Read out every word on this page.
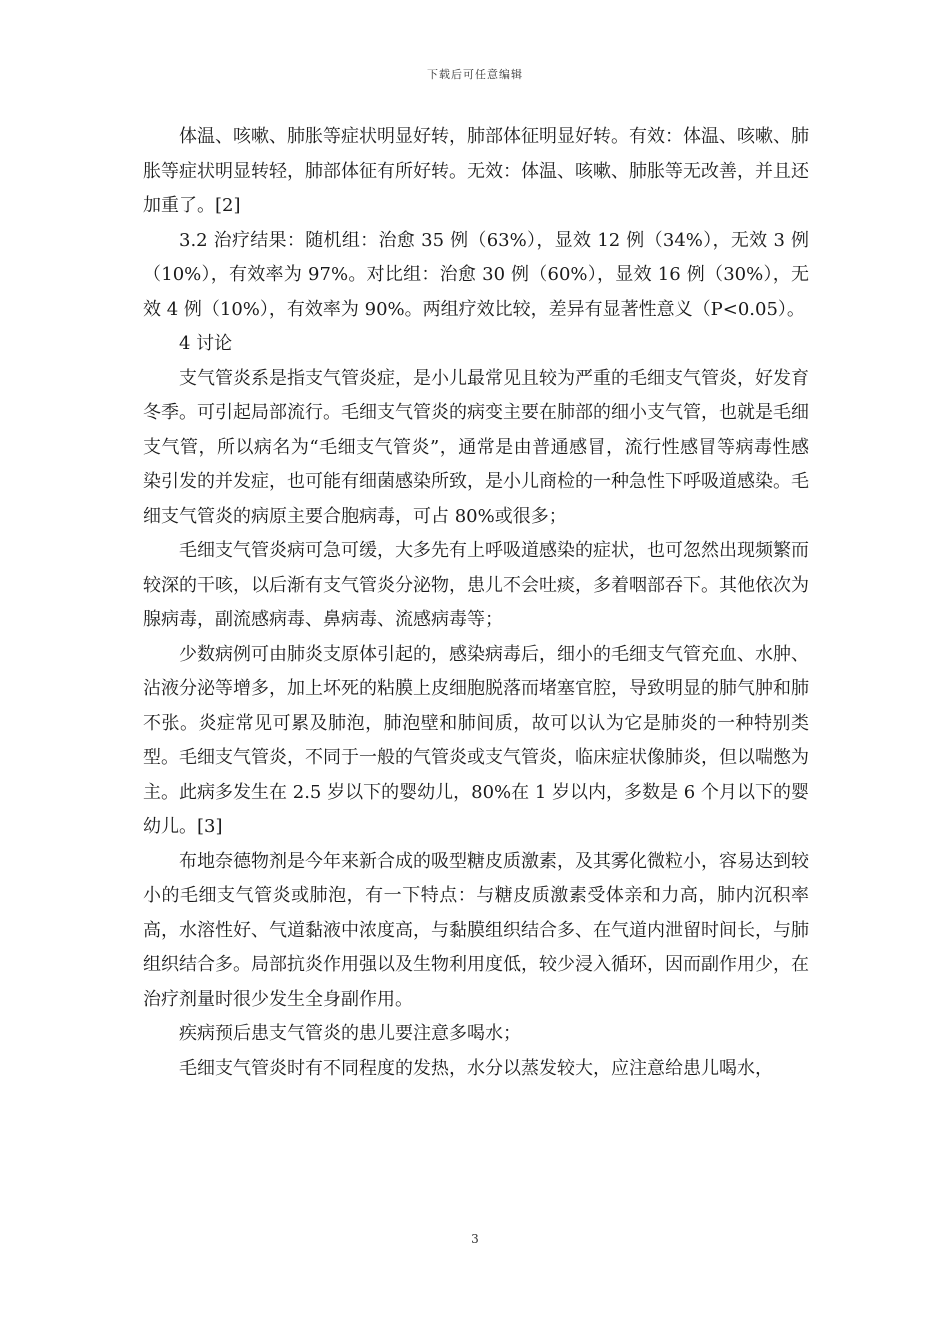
下载后可任意编辑

体温、咳嗽、肺胀等症状明显好转，肺部体征明显好转。有效：体温、咳嗽、肺胀等症状明显转轻，肺部体征有所好转。无效：体温、咳嗽、肺胀等无改善，并且还加重了。[2]

3.2 治疗结果：随机组：治愈 35 例（63%），显效 12 例（34%），无效 3 例（10%），有效率为 97%。对比组：治愈 30 例（60%），显效 16 例（30%），无效 4 例（10%），有效率为 90%。两组疗效比较，差异有显著性意义（P<0.05）。

4 讨论

支气管炎系是指支气管炎症，是小儿最常见且较为严重的毛细支气管炎，好发育冬季。可引起局部流行。毛细支气管炎的病变主要在肺部的细小支气管，也就是毛细支气管，所以病名为“毛细支气管炎”，通常是由普通感冒，流行性感冒等病毒性感染引发的并发症，也可能有细菌感染所致，是小儿商检的一种急性下呼吸道感染。毛细支气管炎的病原主要合胞病毒，可占 80%或很多；

毛细支气管炎病可急可缓，大多先有上呼吸道感染的症状，也可忽然出现频繁而较深的干咳，以后渐有支气管炎分泌物，患儿不会吐痰，多着咽部吞下。其他依次为腺病毒，副流感病毒、鼻病毒、流感病毒等；

少数病例可由肺炎支原体引起的，感染病毒后，细小的毛细支气管充血、水肿、沾液分泌等增多，加上坏死的粘膜上皮细胞脱落而堵塞官腔，导致明显的肺气肿和肺不张。炎症常见可累及肺泡，肺泡壁和肺间质，故可以认为它是肺炎的一种特别类型。毛细支气管炎，不同于一般的气管炎或支气管炎，临床症状像肺炎，但以喘憋为主。此病多发生在 2.5 岁以下的婴幼儿，80%在 1 岁以内，多数是 6 个月以下的婴幼儿。[3]

布地奈德物剂是今年来新合成的吸型糖皮质激素，及其雾化微粒小，容易达到较小的毛细支气管炎或肺泡，有一下特点：与糖皮质激素受体亲和力高，肺内沉积率高，水溶性好、气道黏液中浓度高，与黏膜组织结合多、在气道内泄留时间长，与肺组织结合多。局部抗炎作用强以及生物利用度低，较少浸入循环，因而副作用少，在治疗剂量时很少发生全身副作用。

疾病预后患支气管炎的患儿要注意多喝水；

毛细支气管炎时有不同程度的发热，水分以蒸发较大，应注意给患儿喝水，

3
